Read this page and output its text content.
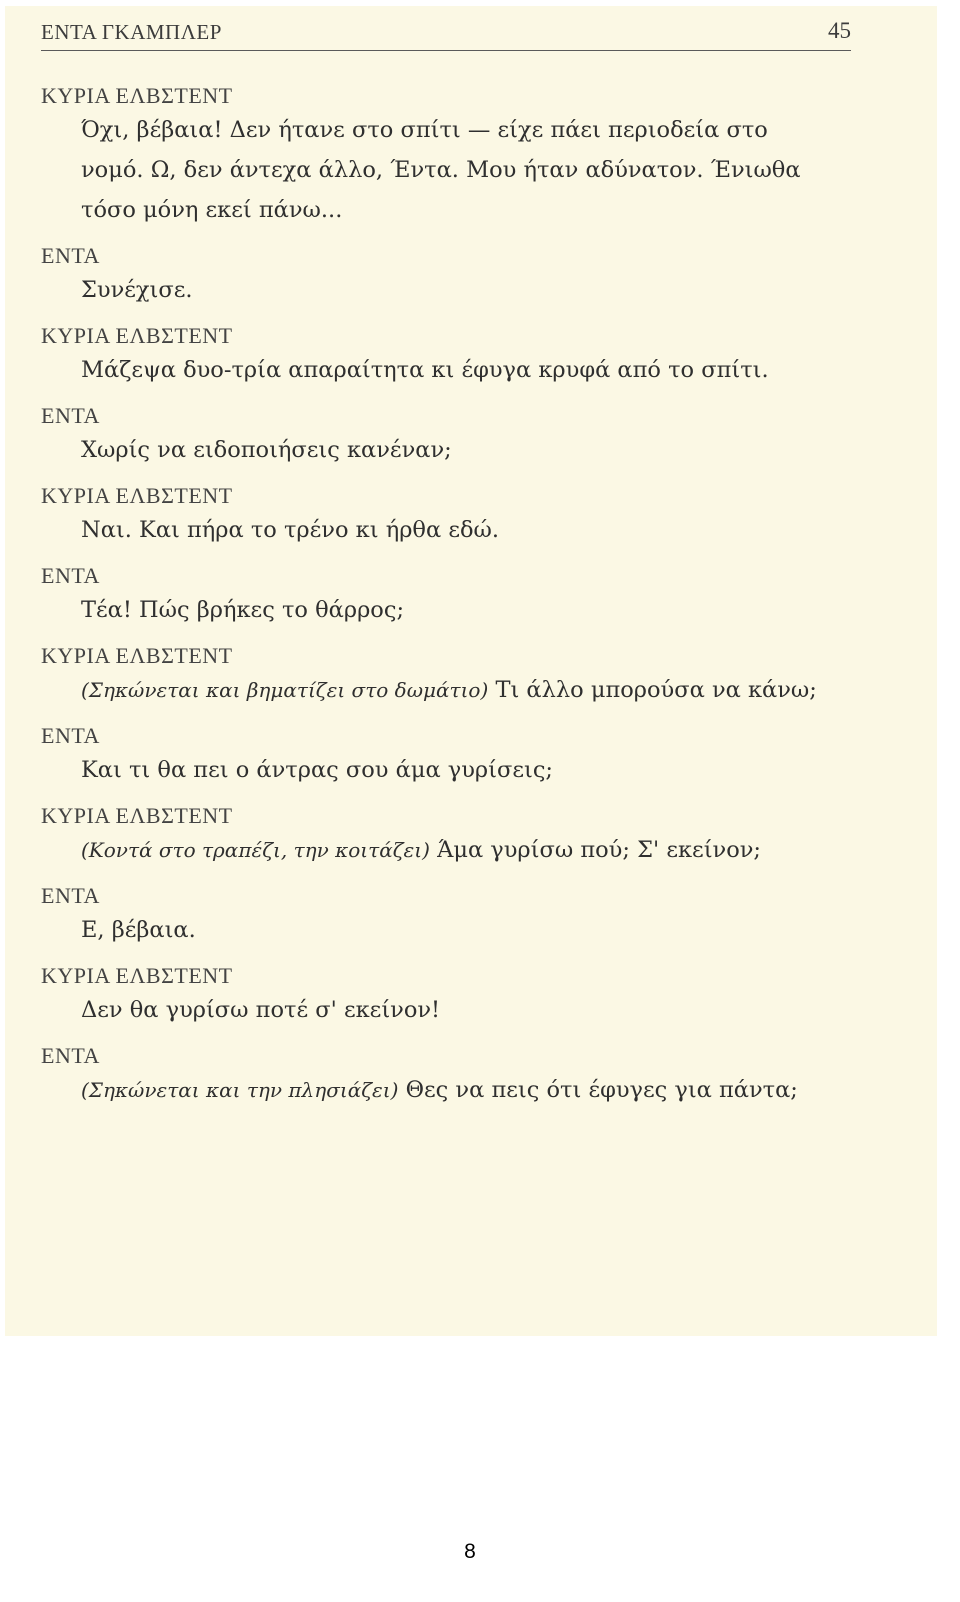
ΕΝΤΑ ΓΚΑΜΠΛΕΡ	45
ΚΥΡΙΑ ΕΛΒΣΤΕΝΤ
Όχι, βέβαια! Δεν ήτανε στο σπίτι — είχε πάει περιοδεία στο
νομό. Ω, δεν άντεχα άλλο, Έντα. Μου ήταν αδύνατον. Ένιωθα
τόσο μόνη εκεί πάνω...
ΕΝΤΑ
Συνέχισε.
ΚΥΡΙΑ ΕΛΒΣΤΕΝΤ
Μάζεψα δυο-τρία απαραίτητα κι έφυγα κρυφά από το σπίτι.
ΕΝΤΑ
Χωρίς να ειδοποιήσεις κανέναν;
ΚΥΡΙΑ ΕΛΒΣΤΕΝΤ
Ναι. Και πήρα το τρένο κι ήρθα εδώ.
ΕΝΤΑ
Τέα! Πώς βρήκες το θάρρος;
ΚΥΡΙΑ ΕΛΒΣΤΕΝΤ
(Σηκώνεται και βηματίζει στο δωμάτιο) Τι άλλο μπορούσα να κάνω;
ΕΝΤΑ
Και τι θα πει ο άντρας σου άμα γυρίσεις;
ΚΥΡΙΑ ΕΛΒΣΤΕΝΤ
(Κοντά στο τραπέζι, την κοιτάζει) Άμα γυρίσω πού; Σ' εκείνον;
ΕΝΤΑ
Ε, βέβαια.
ΚΥΡΙΑ ΕΛΒΣΤΕΝΤ
Δεν θα γυρίσω ποτέ σ' εκείνον!
ΕΝΤΑ
(Σηκώνεται και την πλησιάζει) Θες να πεις ότι έφυγες για πάντα;
8
